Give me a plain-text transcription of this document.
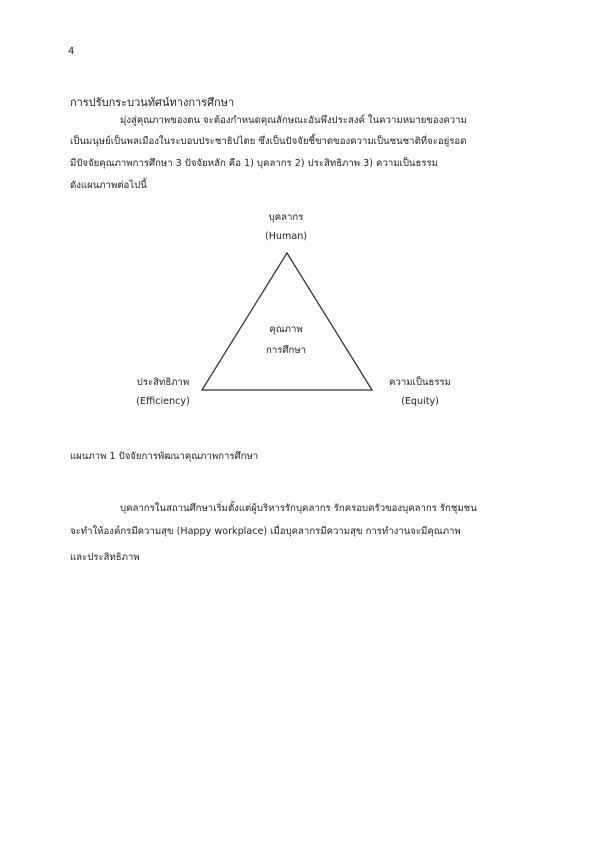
4
การปรับกระบวนทัศน์ทางการศึกษา
มุ่งสู่คุณภาพของตน จะต้องกำหนดคุณลักษณะอันพึงประสงค์ ในความหมายของความ
เป็นมนุษย์เป็นพลเมืองในระบอบประชาธิปไตย ซึ่งเป็นปัจจัยชี้ขาดของความเป็นชนชาติที่จะอยู่รอด
มีปัจจัยคุณภาพการศึกษา 3 ปัจจัยหลัก คือ 1) บุคลากร 2) ประสิทธิภาพ 3) ความเป็นธรรม
ดังแผนภาพต่อไปนี้
บุคลากร
(Human)
คุณภาพ
การศึกษา
ประสิทธิภาพ
(Efficiency)
ความเป็นธรรม
(Equity)
แผนภาพ 1 ปัจจัยการพัฒนาคุณภาพการศึกษา
บุคลากรในสถานศึกษาเริ่มตั้งแต่ผู้บริหารรักบุคลากร รักครอบครัวของบุคลากร รักชุมชน
จะทำให้องค์กรมีความสุข (Happy workplace) เมื่อบุคลากรมีความสุข การทำงานจะมีคุณภาพ
และประสิทธิภาพ
